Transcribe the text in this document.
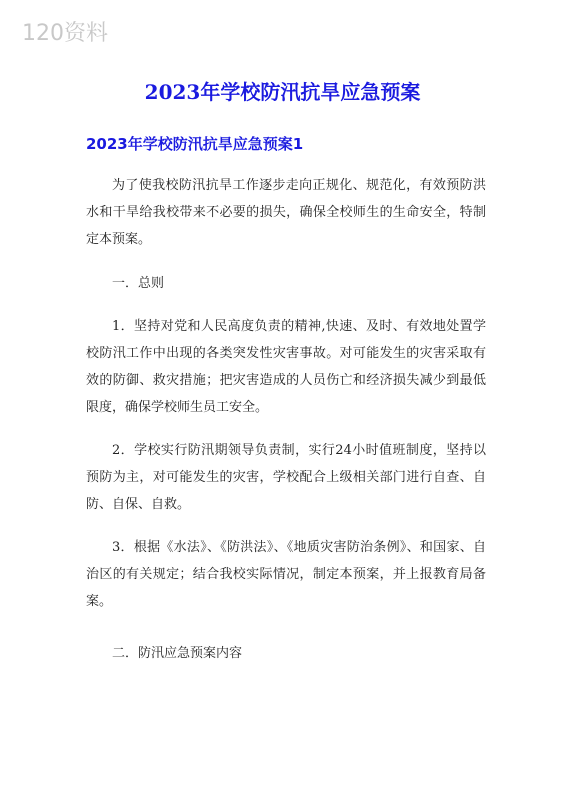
120资料
2023年学校防汛抗旱应急预案
2023年学校防汛抗旱应急预案1

为了使我校防汛抗旱工作逐步走向正规化、规范化，有效预防洪水和干旱给我校带来不必要的损失，确保全校师生的生命安全，特制定本预案。

一．总则

1．坚持对党和人民高度负责的精神,快速、及时、有效地处置学校防汛工作中出现的各类突发性灾害事故。对可能发生的灾害采取有效的防御、救灾措施；把灾害造成的人员伤亡和经济损失减少到最低限度，确保学校师生员工安全。

2．学校实行防汛期领导负责制，实行24小时值班制度，坚持以预防为主，对可能发生的灾害，学校配合上级相关部门进行自查、自防、自保、自救。

3．根据《水法》、《防洪法》、《地质灾害防治条例》、和国家、自治区的有关规定；结合我校实际情况，制定本预案，并上报教育局备案。

二．防汛应急预案内容
